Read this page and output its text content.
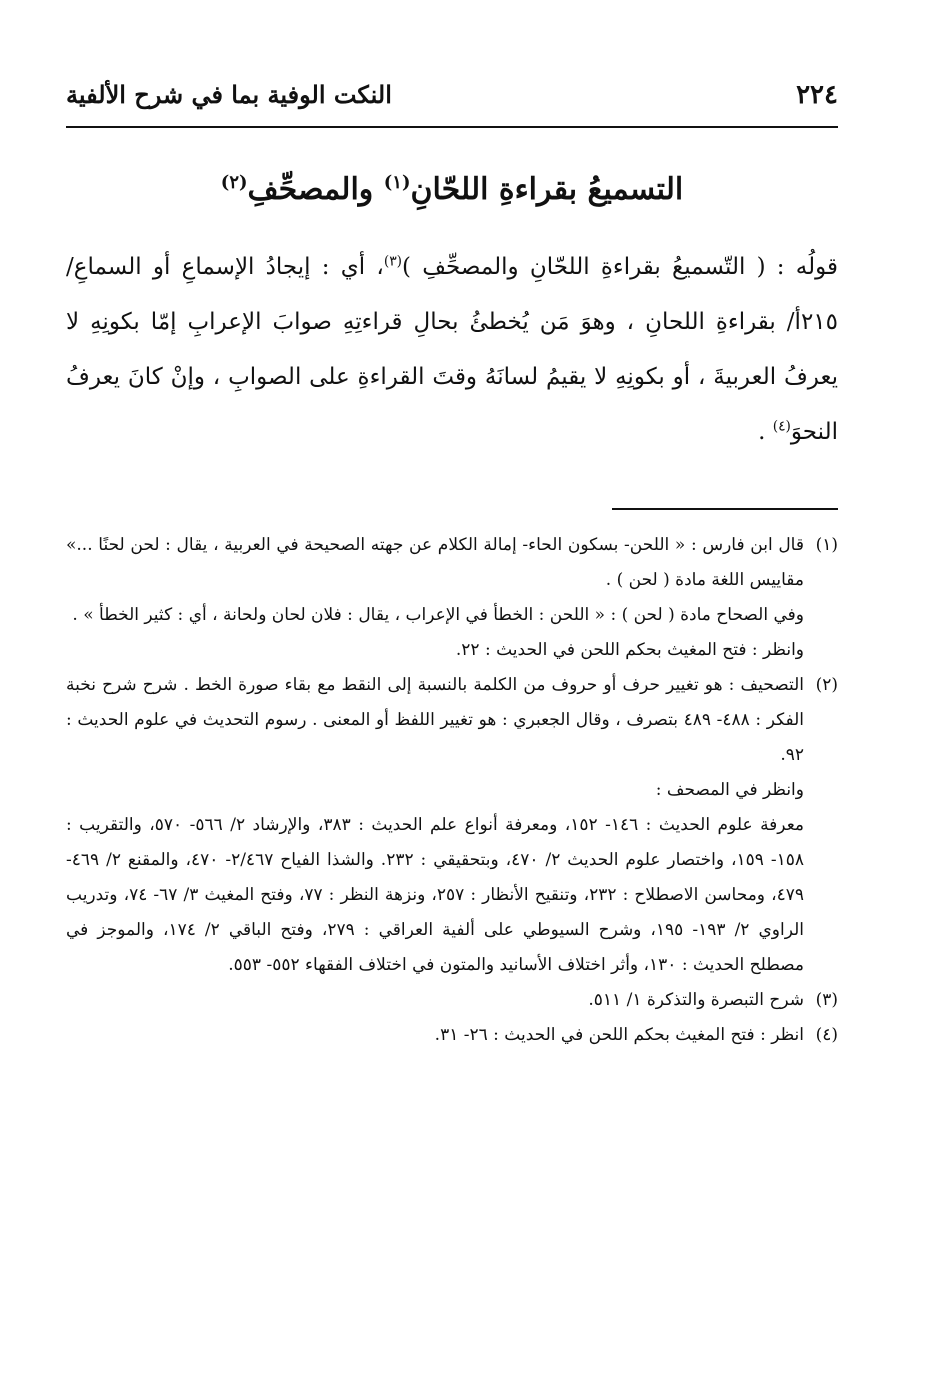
٢٢٤
النكت الوفية بما في شرح الألفية
التسميعُ بقراءةِ اللحّانِ$^{(١)}$ والمصحِّفِ$^{(٢)}$

قولُه : ( التّسميعُ بقراءةِ اللحّانِ والمصحِّفِ )$^{(٣)}$، أي : إيجادُ الإسماعِ أو السماعِ/ ٢١٥أ/ بقراءةِ اللحانِ ، وهوَ مَن يُخطئُ بحالِ قراءتِهِ صوابَ الإعرابِ إمّا بكونِهِ لا يعرفُ العربيةَ ، أو بكونِهِ لا يقيمُ لسانَهُ وقتَ القراءةِ على الصوابِ ، وإنْ كانَ يعرفُ النحوَ$^{(٤)}$ .

(١)

قال ابن فارس : « اللحن- بسكون الحاء- إمالة الكلام عن جهته الصحيحة في العربية ، يقال : لحن لحنًا ...» مقاييس اللغة مادة ( لحن ) .

وفي الصحاح مادة ( لحن ) : « اللحن : الخطأ في الإعراب ، يقال : فلان لحان ولحانة ، أي : كثير الخطأ » .

وانظر : فتح المغيث بحكم اللحن في الحديث : ٢٢.

(٢)

التصحيف : هو تغيير حرف أو حروف من الكلمة بالنسبة إلى النقط مع بقاء صورة الخط . شرح شرح نخبة الفكر : ٤٨٨- ٤٨٩ بتصرف ، وقال الجعبري : هو تغيير اللفظ أو المعنى . رسوم التحديث في علوم الحديث : ٩٢.

وانظر في المصحف :

معرفة علوم الحديث : ١٤٦- ١٥٢، ومعرفة أنواع علم الحديث : ٣٨٣، والإرشاد ٢/ ٥٦٦- ٥٧٠، والتقريب : ١٥٨- ١٥٩، واختصار علوم الحديث ٢/ ٤٧٠، وبتحقيقي : ٢٣٢. والشذا الفياح ٢/٤٦٧- ٤٧٠، والمقنع ٢/ ٤٦٩- ٤٧٩، ومحاسن الاصطلاح : ٢٣٢، وتنقيح الأنظار : ٢٥٧، ونزهة النظر : ٧٧، وفتح المغيث ٣/ ٦٧- ٧٤، وتدريب الراوي ٢/ ١٩٣- ١٩٥، وشرح السيوطي على ألفية العراقي : ٢٧٩، وفتح الباقي ٢/ ١٧٤، والموجز في مصطلح الحديث : ١٣٠، وأثر اختلاف الأسانيد والمتون في اختلاف الفقهاء ٥٥٢- ٥٥٣.

(٣)

شرح التبصرة والتذكرة ١/ ٥١١.

(٤)

انظر : فتح المغيث بحكم اللحن في الحديث : ٢٦- ٣١.
